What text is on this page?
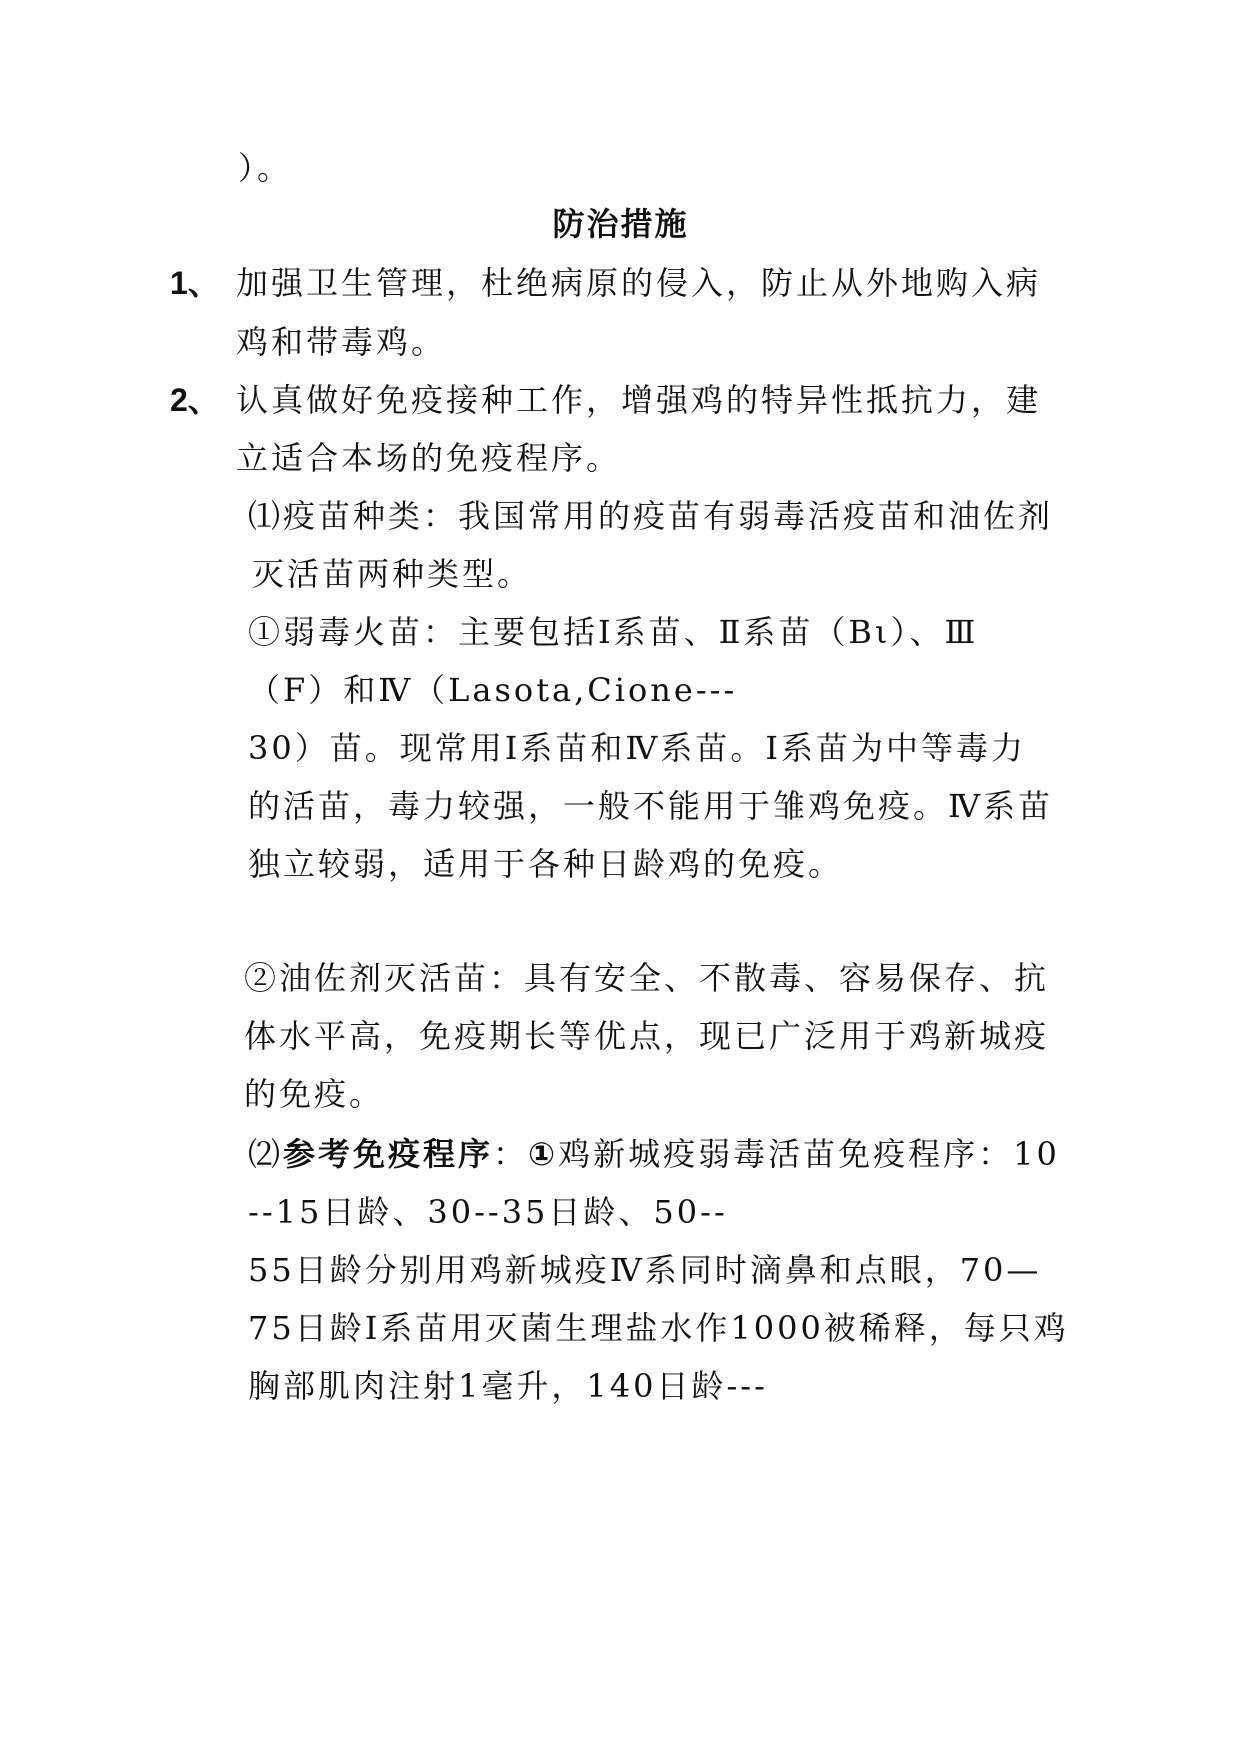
）。
防治措施
1、 加强卫生管理，杜绝病原的侵入，防止从外地购入病
鸡和带毒鸡。
2、 认真做好免疫接种工作，增强鸡的特异性抵抗力，建
立适合本场的免疫程序。
⑴疫苗种类：我国常用的疫苗有弱毒活疫苗和油佐剂
灭活苗两种类型。
①弱毒火苗：主要包括Ⅰ系苗、Ⅱ系苗（Bι）、Ⅲ
（F）和Ⅳ（Lasota,Cione---
30）苗。现常用Ⅰ系苗和Ⅳ系苗。Ⅰ系苗为中等毒力
的活苗，毒力较强，一般不能用于雏鸡免疫。Ⅳ系苗
独立较弱，适用于各种日龄鸡的免疫。
②油佐剂灭活苗：具有安全、不散毒、容易保存、抗
体水平高，免疫期长等优点，现已广泛用于鸡新城疫
的免疫。
⑵参考免疫程序：①鸡新城疫弱毒活苗免疫程序：10
--15日龄、30--35日龄、50--
55日龄分别用鸡新城疫Ⅳ系同时滴鼻和点眼，70—
75日龄Ⅰ系苗用灭菌生理盐水作1000被稀释，每只鸡
胸部肌肉注射1毫升，140日龄---
